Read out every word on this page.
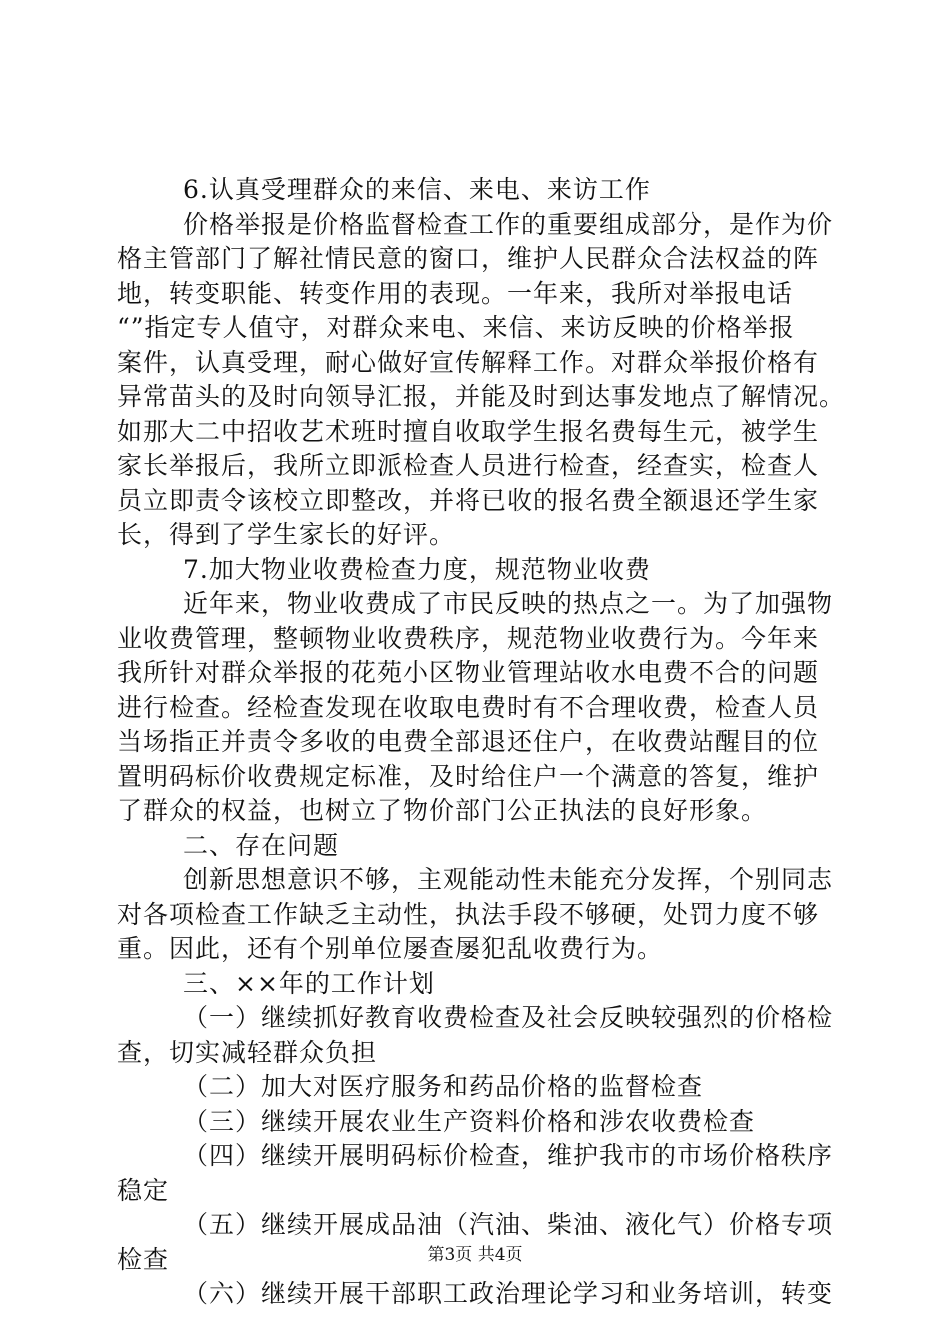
6.认真受理群众的来信、来电、来访工作
价格举报是价格监督检查工作的重要组成部分，是作为价
格主管部门了解社情民意的窗口，维护人民群众合法权益的阵
地，转变职能、转变作用的表现。一年来，我所对举报电话
“”指定专人值守，对群众来电、来信、来访反映的价格举报
案件，认真受理，耐心做好宣传解释工作。对群众举报价格有
异常苗头的及时向领导汇报，并能及时到达事发地点了解情况。
如那大二中招收艺术班时擅自收取学生报名费每生元，被学生
家长举报后，我所立即派检查人员进行检查，经查实，检查人
员立即责令该校立即整改，并将已收的报名费全额退还学生家
长，得到了学生家长的好评。
7.加大物业收费检查力度，规范物业收费
近年来，物业收费成了市民反映的热点之一。为了加强物
业收费管理，整顿物业收费秩序，规范物业收费行为。今年来
我所针对群众举报的花苑小区物业管理站收水电费不合的问题
进行检查。经检查发现在收取电费时有不合理收费，检查人员
当场指正并责令多收的电费全部退还住户，在收费站醒目的位
置明码标价收费规定标准，及时给住户一个满意的答复，维护
了群众的权益，也树立了物价部门公正执法的良好形象。
二、存在问题
创新思想意识不够，主观能动性未能充分发挥，个别同志
对各项检查工作缺乏主动性，执法手段不够硬，处罚力度不够
重。因此，还有个别单位屡查屡犯乱收费行为。
三、××年的工作计划
（一）继续抓好教育收费检查及社会反映较强烈的价格检
查，切实减轻群众负担
（二）加大对医疗服务和药品价格的监督检查
（三）继续开展农业生产资料价格和涉农收费检查
（四）继续开展明码标价检查，维护我市的市场价格秩序
稳定
（五）继续开展成品油（汽油、柴油、液化气）价格专项
检查
（六）继续开展干部职工政治理论学习和业务培训，转变
第3页 共4页
